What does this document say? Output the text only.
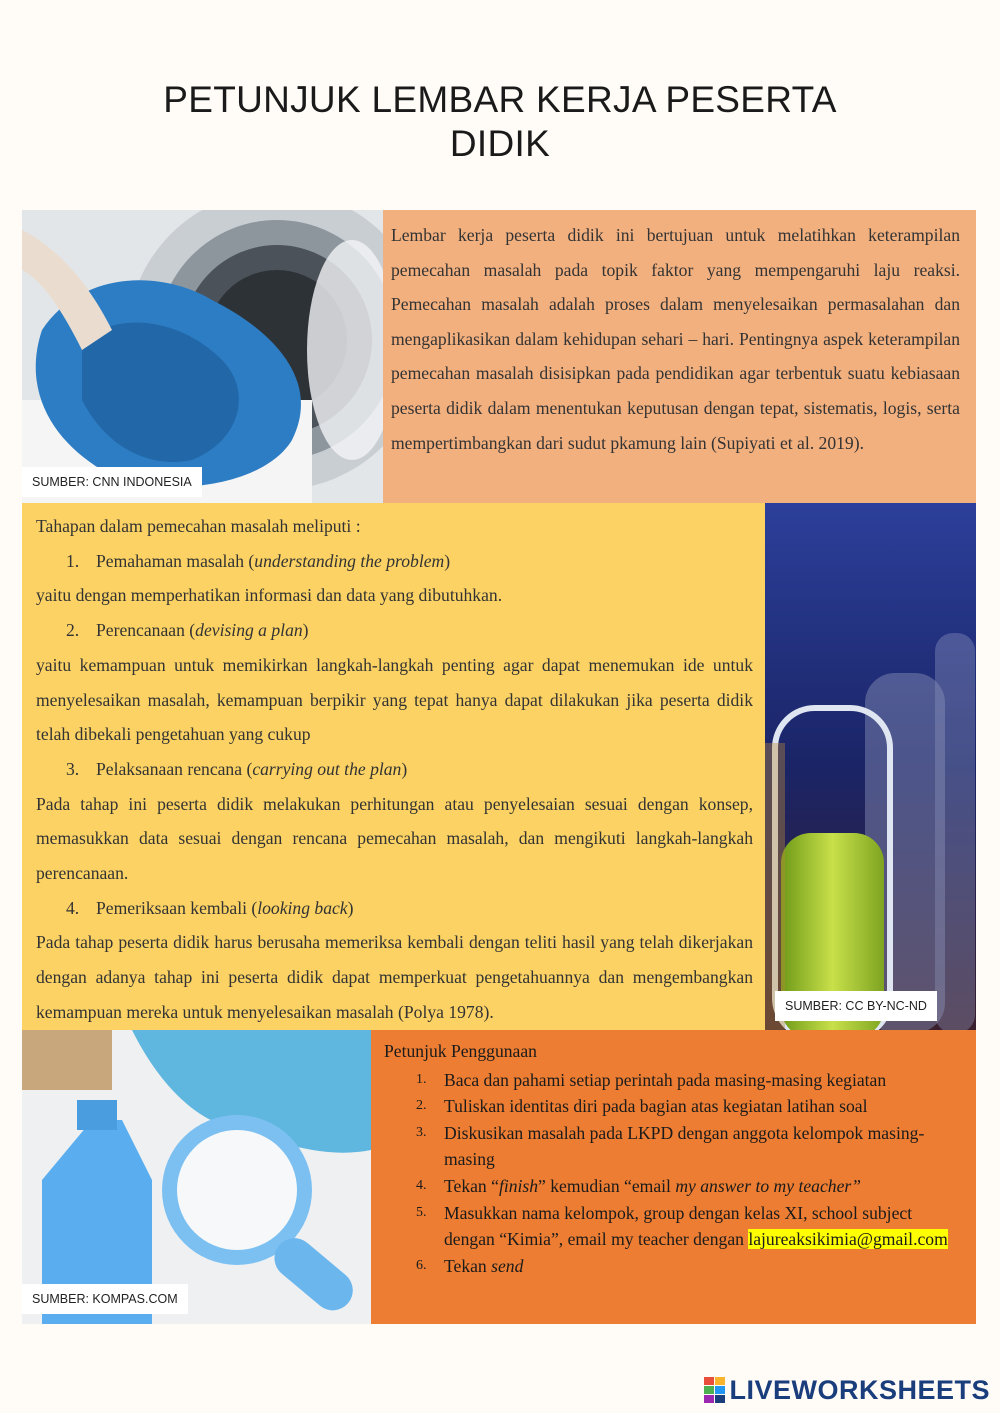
PETUNJUK LEMBAR KERJA PESERTA
DIDIK
SUMBER: CNN INDONESIA
Lembar kerja peserta didik ini bertujuan untuk melatihkan keterampilan pemecahan masalah pada topik faktor yang mempengaruhi laju reaksi. Pemecahan masalah adalah proses dalam menyelesaikan permasalahan dan mengaplikasikan dalam kehidupan sehari – hari. Pentingnya aspek keterampilan pemecahan masalah disisipkan pada pendidikan agar terbentuk suatu kebiasaan peserta didik dalam menentukan keputusan dengan tepat, sistematis, logis, serta mempertimbangkan dari sudut pkamung lain (Supiyati et al. 2019).

Tahapan dalam pemecahan masalah meliputi :

1. Pemahaman masalah (understanding the problem)

yaitu dengan memperhatikan informasi dan data yang dibutuhkan.

2. Perencanaan (devising a plan)

yaitu kemampuan untuk memikirkan langkah-langkah penting agar dapat menemukan ide untuk menyelesaikan masalah, kemampuan berpikir yang tepat hanya dapat dilakukan jika peserta didik telah dibekali pengetahuan yang cukup

3. Pelaksanaan rencana (carrying out the plan)

Pada tahap ini peserta didik melakukan perhitungan atau penyelesaian sesuai dengan konsep, memasukkan data sesuai dengan rencana pemecahan masalah, dan mengikuti langkah-langkah perencanaan.

4. Pemeriksaan kembali (looking back)

Pada tahap peserta didik harus berusaha memeriksa kembali dengan teliti hasil yang telah dikerjakan dengan adanya tahap ini peserta didik dapat memperkuat pengetahuannya dan mengembangkan kemampuan mereka untuk menyelesaikan masalah (Polya 1978).	SUMBER: CC BY-NC-ND
SUMBER: KOMPAS.COM

Petunjuk Penggunaan

1. Baca dan pahami setiap perintah pada masing-masing kegiatan
2. Tuliskan identitas diri pada bagian atas kegiatan latihan soal
3. Diskusikan masalah pada LKPD dengan anggota kelompok masing-masing
4. Tekan “finish” kemudian “email my answer to my teacher”
5. Masukkan nama kelompok, group dengan kelas XI, school subject dengan “Kimia”, email my teacher dengan lajureaksikimia@gmail.com
6. Tekan send
LIVEWORKSHEETS
